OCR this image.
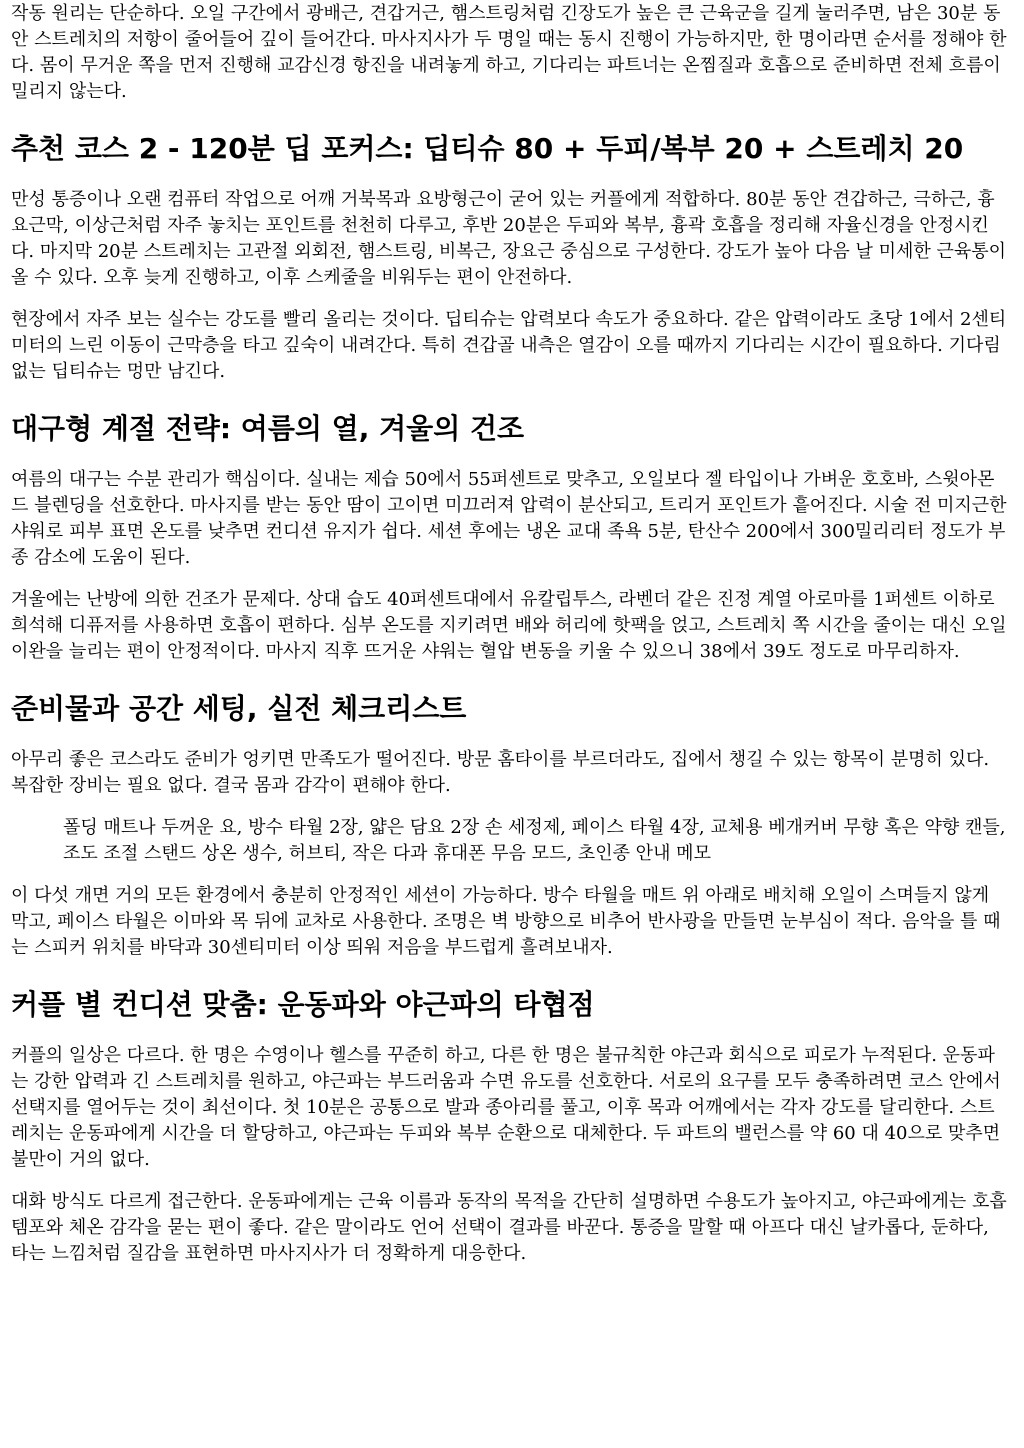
작동 원리는 단순하다. 오일 구간에서 광배근, 견갑거근, 햄스트링처럼 긴장도가 높은 큰 근육군을 길게 눌러주면, 남은 30분 동안 스트레치의 저항이 줄어들어 깊이 들어간다. 마사지사가 두 명일 때는 동시 진행이 가능하지만, 한 명이라면 순서를 정해야 한다. 몸이 무거운 쪽을 먼저 진행해 교감신경 항진을 내려놓게 하고, 기다리는 파트너는 온찜질과 호흡으로 준비하면 전체 흐름이 밀리지 않는다.

추천 코스 2 - 120분 딥 포커스: 딥티슈 80 + 두피/복부 20 + 스트레치 20

만성 통증이나 오랜 컴퓨터 작업으로 어깨 거북목과 요방형근이 굳어 있는 커플에게 적합하다. 80분 동안 견갑하근, 극하근, 흉요근막, 이상근처럼 자주 놓치는 포인트를 천천히 다루고, 후반 20분은 두피와 복부, 흉곽 호흡을 정리해 자율신경을 안정시킨다. 마지막 20분 스트레치는 고관절 외회전, 햄스트링, 비복근, 장요근 중심으로 구성한다. 강도가 높아 다음 날 미세한 근육통이 올 수 있다. 오후 늦게 진행하고, 이후 스케줄을 비워두는 편이 안전하다.

현장에서 자주 보는 실수는 강도를 빨리 올리는 것이다. 딥티슈는 압력보다 속도가 중요하다. 같은 압력이라도 초당 1에서 2센티미터의 느린 이동이 근막층을 타고 깊숙이 내려간다. 특히 견갑골 내측은 열감이 오를 때까지 기다리는 시간이 필요하다. 기다림 없는 딥티슈는 멍만 남긴다.

대구형 계절 전략: 여름의 열, 겨울의 건조

여름의 대구는 수분 관리가 핵심이다. 실내는 제습 50에서 55퍼센트로 맞추고, 오일보다 젤 타입이나 가벼운 호호바, 스윗아몬드 블렌딩을 선호한다. 마사지를 받는 동안 땀이 고이면 미끄러져 압력이 분산되고, 트리거 포인트가 흩어진다. 시술 전 미지근한 샤워로 피부 표면 온도를 낮추면 컨디션 유지가 쉽다. 세션 후에는 냉온 교대 족욕 5분, 탄산수 200에서 300밀리리터 정도가 부종 감소에 도움이 된다.

겨울에는 난방에 의한 건조가 문제다. 상대 습도 40퍼센트대에서 유칼립투스, 라벤더 같은 진정 계열 아로마를 1퍼센트 이하로 희석해 디퓨저를 사용하면 호흡이 편하다. 심부 온도를 지키려면 배와 허리에 핫팩을 얹고, 스트레치 쪽 시간을 줄이는 대신 오일 이완을 늘리는 편이 안정적이다. 마사지 직후 뜨거운 샤워는 혈압 변동을 키울 수 있으니 38에서 39도 정도로 마무리하자.

준비물과 공간 세팅, 실전 체크리스트

아무리 좋은 코스라도 준비가 엉키면 만족도가 떨어진다. 방문 홈타이를 부르더라도, 집에서 챙길 수 있는 항목이 분명히 있다. 복잡한 장비는 필요 없다. 결국 몸과 감각이 편해야 한다.

폴딩 매트나 두꺼운 요, 방수 타월 2장, 얇은 담요 2장 손 세정제, 페이스 타월 4장, 교체용 베개커버 무향 혹은 약향 캔들, 조도 조절 스탠드 상온 생수, 허브티, 작은 다과 휴대폰 무음 모드, 초인종 안내 메모

이 다섯 개면 거의 모든 환경에서 충분히 안정적인 세션이 가능하다. 방수 타월을 매트 위 아래로 배치해 오일이 스며들지 않게 막고, 페이스 타월은 이마와 목 뒤에 교차로 사용한다. 조명은 벽 방향으로 비추어 반사광을 만들면 눈부심이 적다. 음악을 틀 때는 스피커 위치를 바닥과 30센티미터 이상 띄워 저음을 부드럽게 흘려보내자.

커플 별 컨디션 맞춤: 운동파와 야근파의 타협점

커플의 일상은 다르다. 한 명은 수영이나 헬스를 꾸준히 하고, 다른 한 명은 불규칙한 야근과 회식으로 피로가 누적된다. 운동파는 강한 압력과 긴 스트레치를 원하고, 야근파는 부드러움과 수면 유도를 선호한다. 서로의 요구를 모두 충족하려면 코스 안에서 선택지를 열어두는 것이 최선이다. 첫 10분은 공통으로 발과 종아리를 풀고, 이후 목과 어깨에서는 각자 강도를 달리한다. 스트레치는 운동파에게 시간을 더 할당하고, 야근파는 두피와 복부 순환으로 대체한다. 두 파트의 밸런스를 약 60 대 40으로 맞추면 불만이 거의 없다.

대화 방식도 다르게 접근한다. 운동파에게는 근육 이름과 동작의 목적을 간단히 설명하면 수용도가 높아지고, 야근파에게는 호흡 템포와 체온 감각을 묻는 편이 좋다. 같은 말이라도 언어 선택이 결과를 바꾼다. 통증을 말할 때 아프다 대신 날카롭다, 둔하다, 타는 느낌처럼 질감을 표현하면 마사지사가 더 정확하게 대응한다.
